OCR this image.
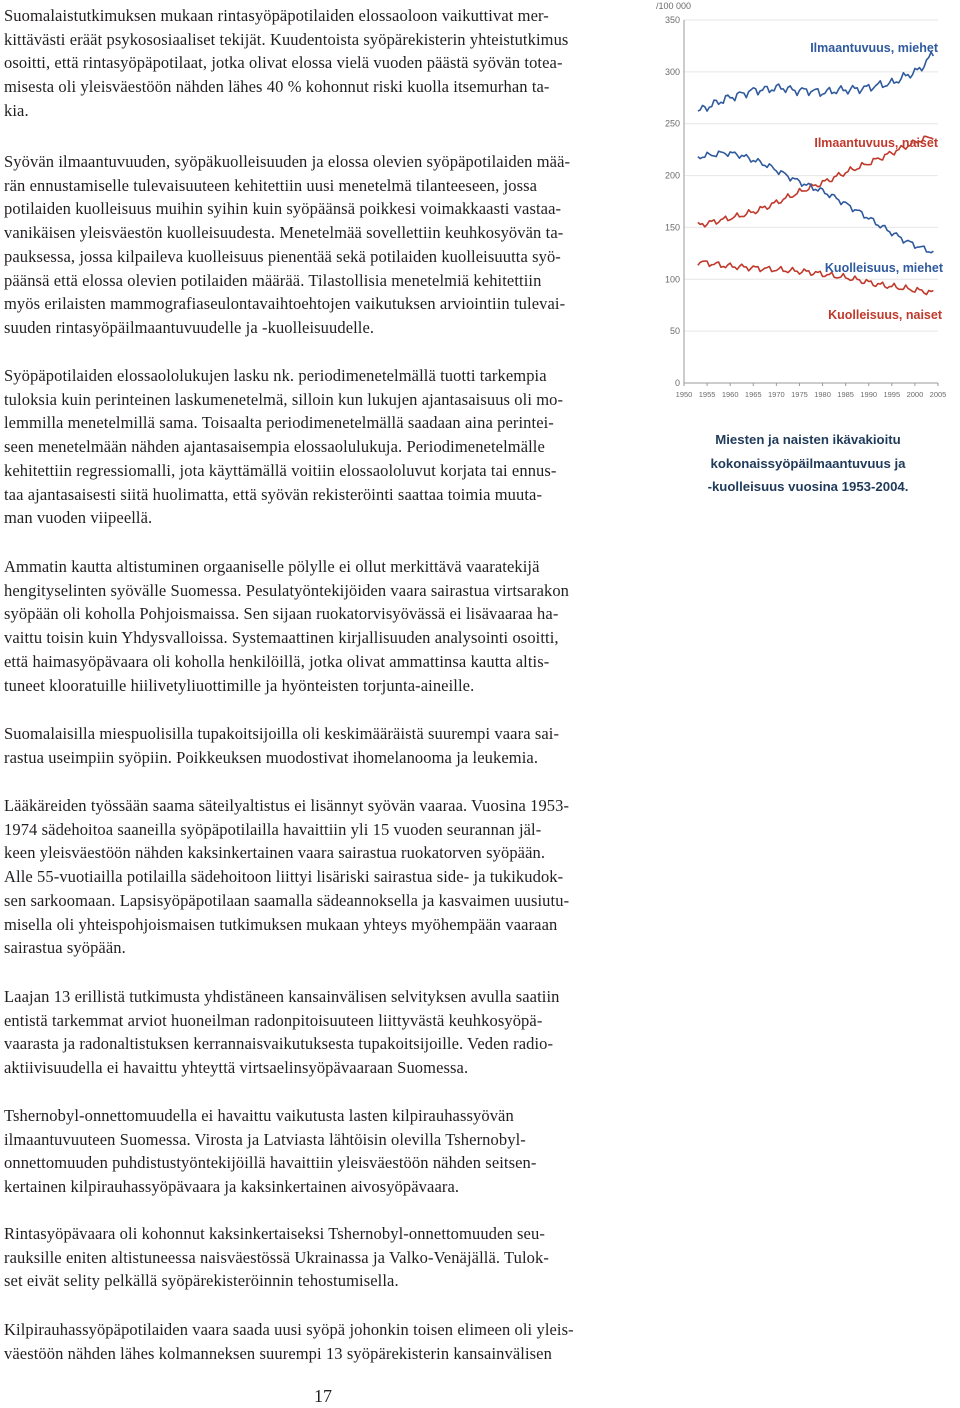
Suomalaistutkimuksen mukaan rintasyöpäpotilaiden elossaoloon vaikuttivat mer-
kittävästi eräät psykososiaaliset tekijät. Kuudentoista syöpärekisterin yhteistutkimus
osoitti, että rintasyöpäpotilaat, jotka olivat elossa vielä vuoden päästä syövän totea-
misesta oli yleisväestöön nähden lähes 40 % kohonnut riski kuolla itsemurhan ta-
kia.

Syövän ilmaantuvuuden, syöpäkuolleisuuden ja elossa olevien syöpäpotilaiden mää-
rän ennustamiselle tulevaisuuteen kehitettiin uusi menetelmä tilanteeseen, jossa
potilaiden kuolleisuus muihin syihin kuin syöpäänsä poikkesi voimakkaasti vastaa-
vanikäisen yleisväestön kuolleisuudesta. Menetelmää sovellettiin keuhkosyövän ta-
pauksessa, jossa kilpaileva kuolleisuus pienentää sekä potilaiden kuolleisuutta syö-
päänsä että elossa olevien potilaiden määrää. Tilastollisia menetelmiä kehitettiin
myös erilaisten mammografiaseulontavaihtoehtojen vaikutuksen arviointiin tulevai-
suuden rintasyöpäilmaantuvuudelle ja -kuolleisuudelle.

Syöpäpotilaiden elossaololukujen lasku nk. periodimenetelmällä tuotti tarkempia
tuloksia kuin perinteinen laskumenetelmä, silloin kun lukujen ajantasaisuus oli mo-
lemmilla menetelmillä sama. Toisaalta periodimenetelmällä saadaan aina perintei-
seen menetelmään nähden ajantasaisempia elossaolulukuja. Periodimenetelmälle
kehitettiin regressiomalli, jota käyttämällä voitiin elossaololuvut korjata tai ennus-
taa ajantasaisesti siitä huolimatta, että syövän rekisteröinti saattaa toimia muuta-
man vuoden viipeellä.

Ammatin kautta altistuminen orgaaniselle pölylle ei ollut merkittävä vaaratekijä
hengityselinten syövälle Suomessa. Pesulatyöntekijöiden vaara sairastua virtsarakon
syöpään oli koholla Pohjoismaissa. Sen sijaan ruokatorvisyövässä ei lisävaaraa ha-
vaittu toisin kuin Yhdysvalloissa. Systemaattinen kirjallisuuden analysointi osoitti,
että haimasyöpävaara oli koholla henkilöillä, jotka olivat ammattinsa kautta altis-
tuneet klooratuille hiilivetyliuottimille ja hyönteisten torjunta-aineille.

Suomalaisilla miespuolisilla tupakoitsijoilla oli keskimääräistä suurempi vaara sai-
rastua useimpiin syöpiin. Poikkeuksen muodostivat ihomelanooma ja leukemia.

Lääkäreiden työssään saama säteilyaltistus ei lisännyt syövän vaaraa. Vuosina 1953-
1974 sädehoitoa saaneilla syöpäpotilailla havaittiin yli 15 vuoden seurannan jäl-
keen yleisväestöön nähden kaksinkertainen vaara sairastua ruokatorven syöpään.
Alle 55-vuotiailla potilailla sädehoitoon liittyi lisäriski sairastua side- ja tukikudok-
sen sarkoomaan. Lapsisyöpäpotilaan saamalla sädeannoksella ja kasvaimen uusiutu-
misella oli yhteispohjoismaisen tutkimuksen mukaan yhteys myöhempään vaaraan
sairastua syöpään.

Laajan 13 erillistä tutkimusta yhdistäneen kansainvälisen selvityksen avulla saatiin
entistä tarkemmat arviot huoneilman radonpitoisuuteen liittyvästä keuhkosyöpä-
vaarasta ja radonaltistuksen kerrannaisvaikutuksesta tupakoitsijoille. Veden radio-
aktiivisuudella ei havaittu yhteyttä virtsaelinsyöpävaaraan Suomessa.

Tshernobyl-onnettomuudella ei havaittu vaikutusta lasten kilpirauhassyövän
ilmaantuvuuteen Suomessa. Virosta ja Latviasta lähtöisin olevilla Tshernobyl-
onnettomuuden puhdistustyöntekijöillä havaittiin yleisväestöön nähden seitsen-
kertainen kilpirauhassyöpävaara ja kaksinkertainen aivosyöpävaara.

Rintasyöpävaara oli kohonnut kaksinkertaiseksi Tshernobyl-onnettomuuden seu-
rauksille eniten altistuneessa naisväestössä Ukrainassa ja Valko-Venäjällä. Tulok-
set eivät selity pelkällä syöpärekisteröinnin tehostumisella.

Kilpirauhassyöpäpotilaiden vaara saada uusi syöpä johonkin toisen elimeen oli yleis-
väestöön nähden lähes kolmanneksen suurempi 13 syöpärekisterin kansainvälisen

0
50
100
150
200
250
300
350
/100 000
1950 1955 1960 1965 1970 1975 1980 1985 1990 1995 2000 2005
Ilmaantuvuus, miehet
Ilmaantuvuus, naiset
Kuolleisuus, miehet
Kuolleisuus, naiset

Miesten ja naisten ikävakioitu
kokonaissyöpäilmaantuvuus ja
-kuolleisuus vuosina 1953-2004.

17
